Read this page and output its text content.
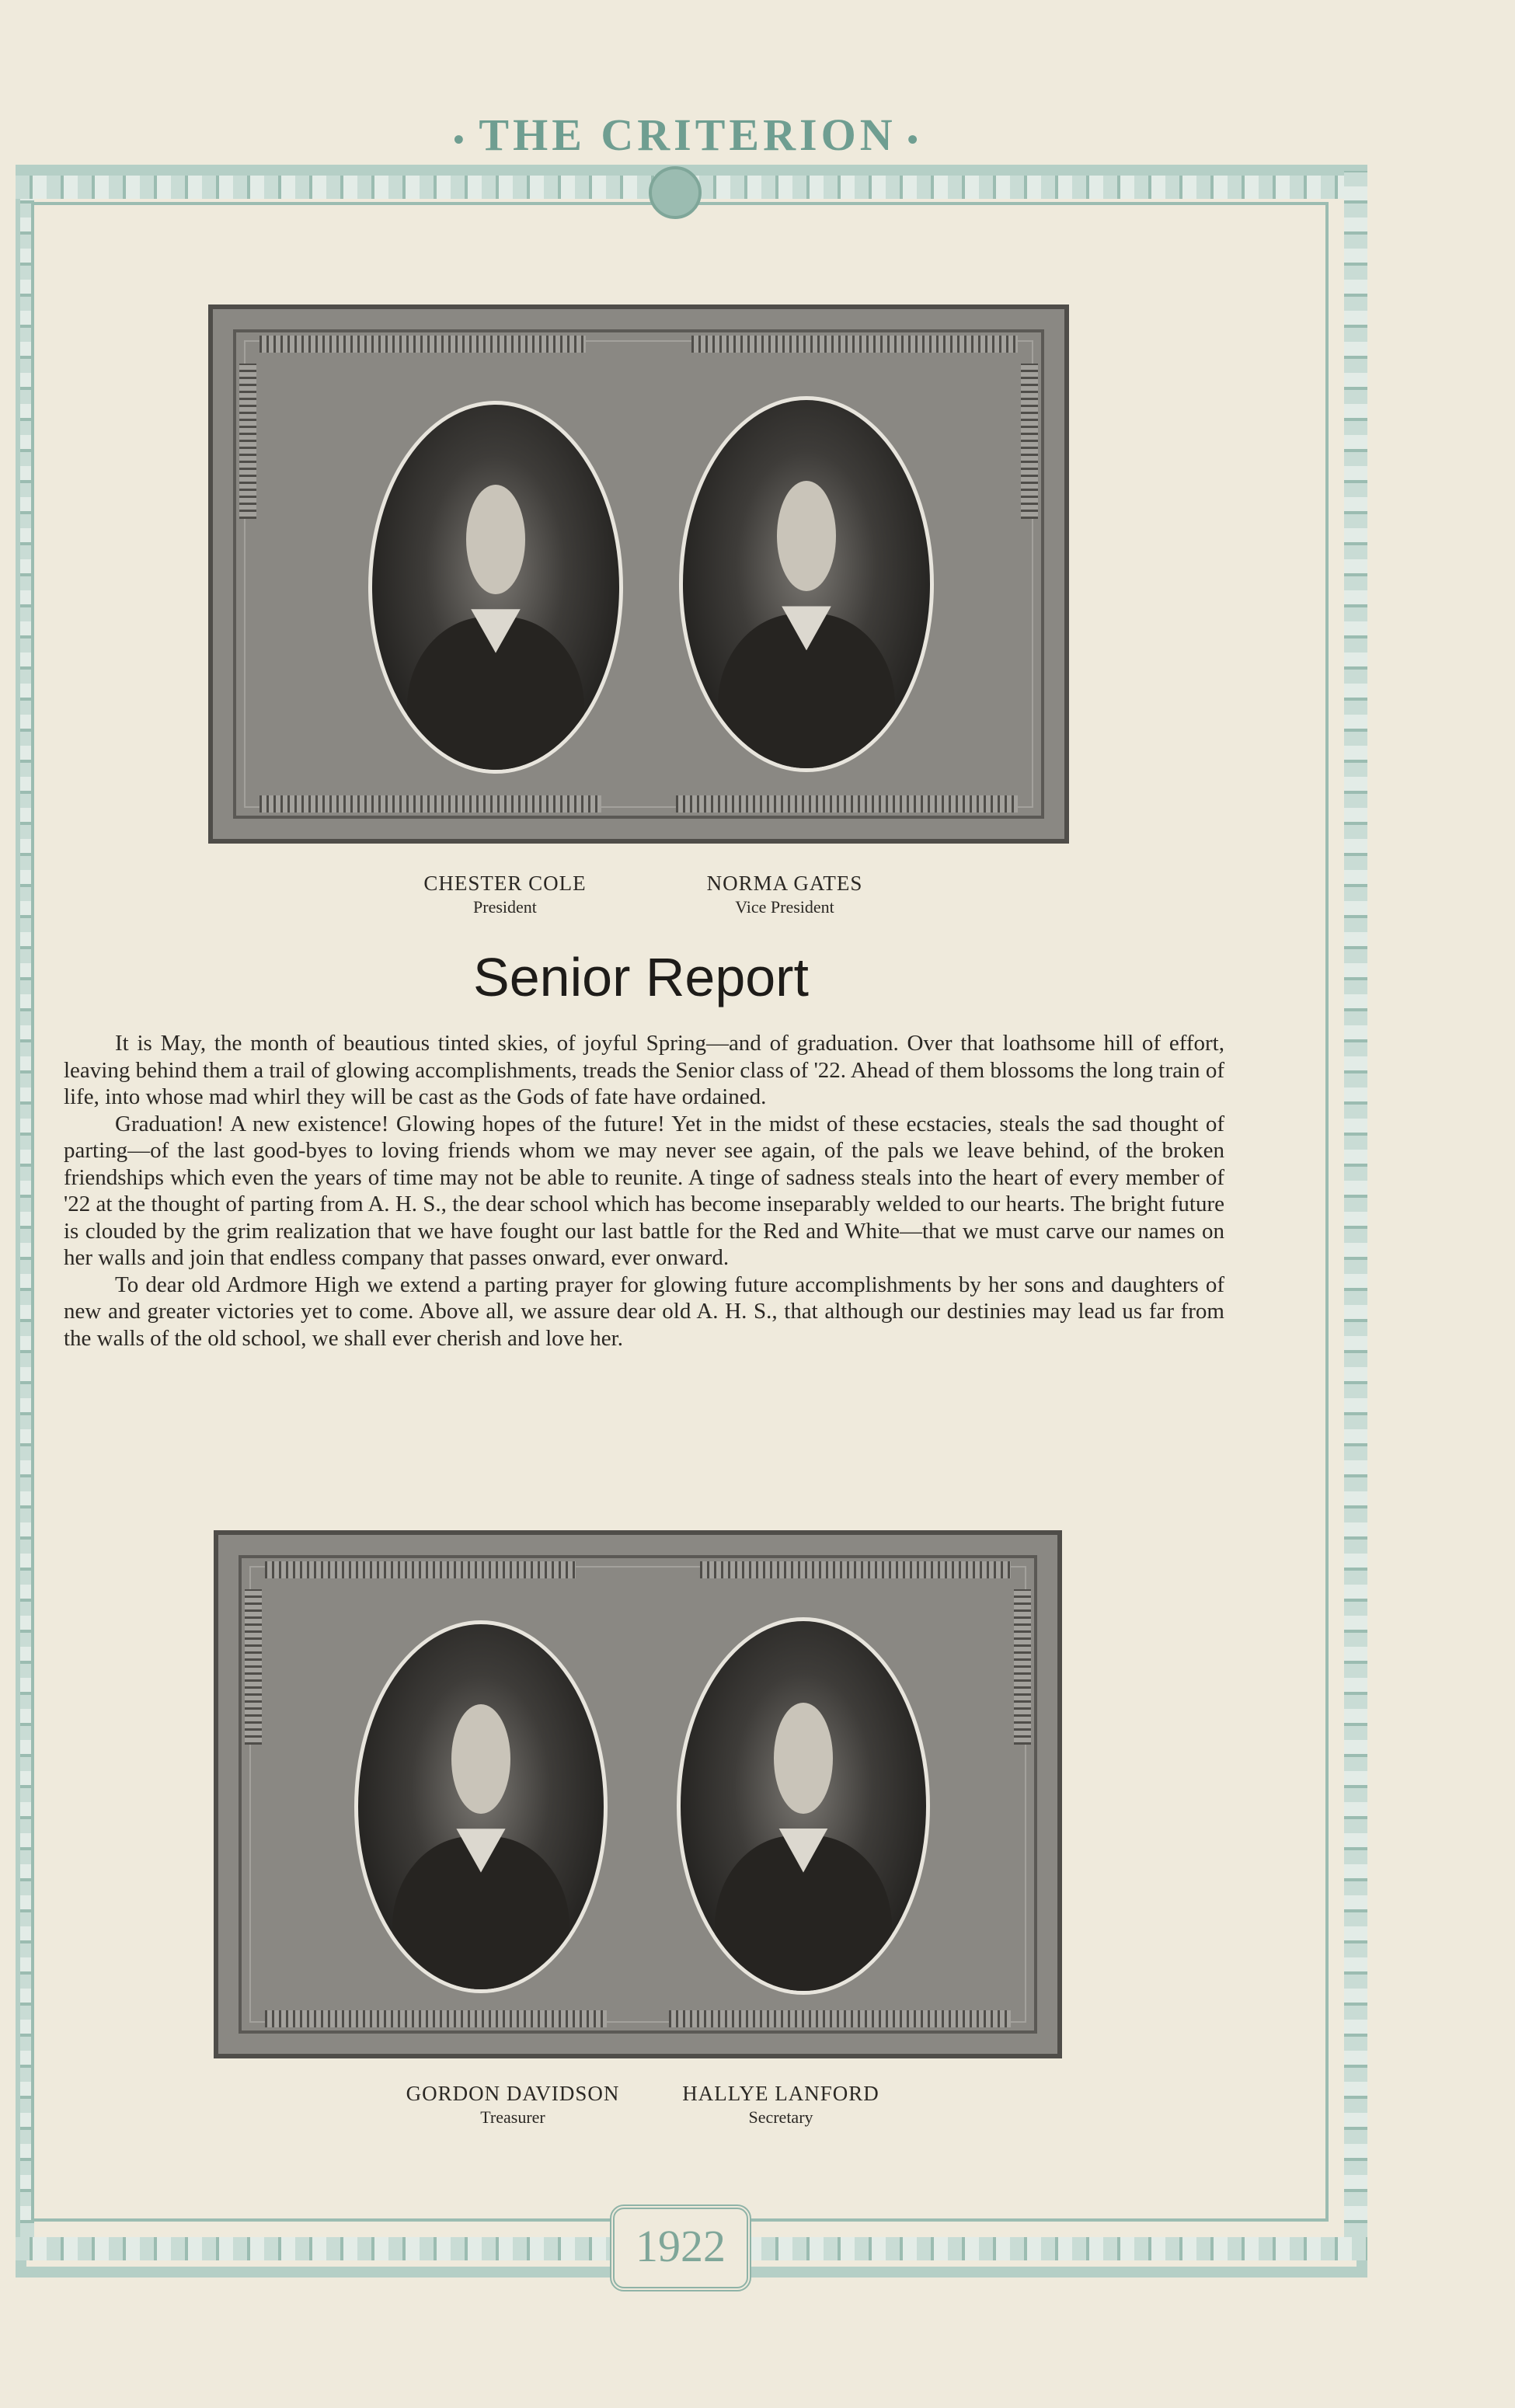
• THE CRITERION •
CHESTER COLE
President
NORMA GATES
Vice President
Senior Report

It is May, the month of beautious tinted skies, of joyful Spring—and of graduation. Over that loathsome hill of effort, leaving behind them a trail of glowing accomplishments, treads the Senior class of '22. Ahead of them blossoms the long train of life, into whose mad whirl they will be cast as the Gods of fate have ordained.

Graduation! A new existence! Glowing hopes of the future! Yet in the midst of these ecstacies, steals the sad thought of parting—of the last good-byes to loving friends whom we may never see again, of the pals we leave behind, of the broken friendships which even the years of time may not be able to reunite. A tinge of sadness steals into the heart of every member of '22 at the thought of parting from A. H. S., the dear school which has become inseparably welded to our hearts. The bright future is clouded by the grim realization that we have fought our last battle for the Red and White—that we must carve our names on her walls and join that endless company that passes onward, ever onward.

To dear old Ardmore High we extend a parting prayer for glowing future accomplishments by her sons and daughters of new and greater victories yet to come. Above all, we assure dear old A. H. S., that although our destinies may lead us far from the walls of the old school, we shall ever cherish and love her.

GORDON DAVIDSON
Treasurer
HALLYE LANFORD
Secretary
1922
